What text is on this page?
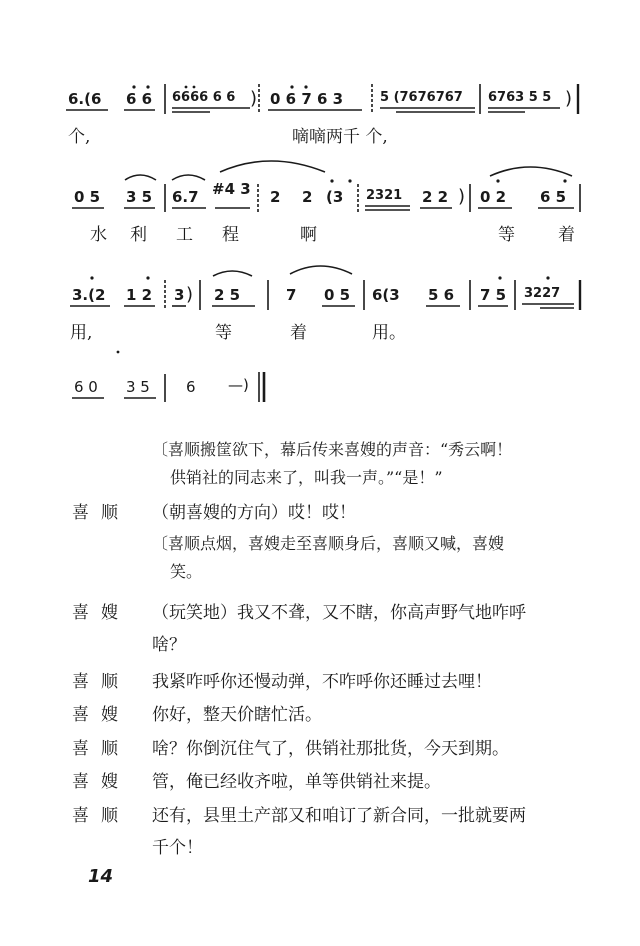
6.(6 6 6 6666 6 6 ) 0 6 7 6 3	5 (7676767 6763 5 5 )
个,	嘀嘀两千 个,
0 5 3 5 6.7 #4 3 2 2 (3 2321 2 2 ) 0 2 6 5
水 利 工 程	啊	等	着
3.(2 1 2 3 ) 2 5	7 0 5 6(3 5 6 7 5 3227
用,	等	着	用。
6 0 3 5 6 —)
〔喜顺搬筐欲下，幕后传来喜嫂的声音：“秀云啊！
供销社的同志来了，叫我一声。”“是！”
喜顺 （朝喜嫂的方向）哎！哎！
〔喜顺点烟，喜嫂走至喜顺身后，喜顺又喊，喜嫂
笑。
喜嫂 （玩笑地）我又不聋，又不瞎，你高声野气地咋呼
啥？
喜顺 我紧咋呼你还慢动弹，不咋呼你还睡过去哩！
喜嫂 你好，整天价瞎忙活。
喜顺 啥？你倒沉住气了，供销社那批货，今天到期。
喜嫂 管，俺已经收齐啦，单等供销社来提。
喜顺 还有，县里土产部又和咱订了新合同，一批就要两
千个！
14
